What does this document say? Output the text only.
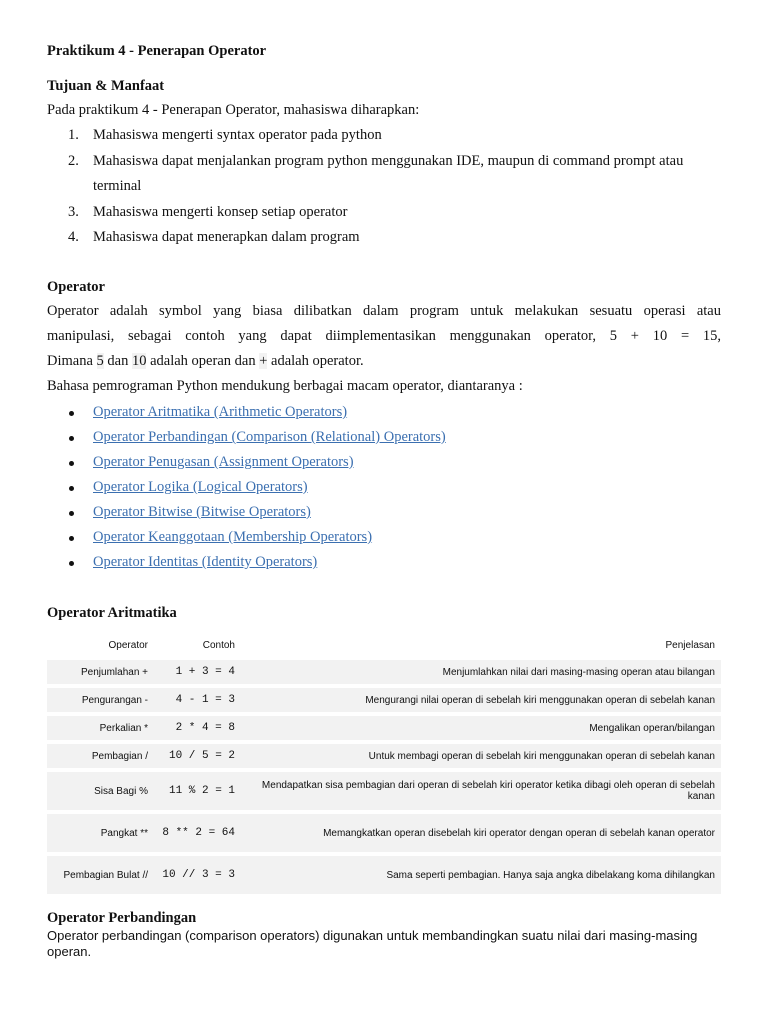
Praktikum 4 - Penerapan Operator
Tujuan & Manfaat
Pada praktikum 4 - Penerapan Operator, mahasiswa diharapkan:
1. Mahasiswa mengerti syntax operator pada python
2. Mahasiswa dapat menjalankan program python menggunakan IDE, maupun di command prompt atau
terminal
3. Mahasiswa mengerti konsep setiap operator
4. Mahasiswa dapat menerapkan dalam program
Operator
Operator adalah symbol yang biasa dilibatkan dalam program untuk melakukan sesuatu operasi atau
manipulasi, sebagai contoh yang dapat diimplementasikan menggunakan operator, 5 + 10 = 15,
Dimana 5 dan 10 adalah operan dan + adalah operator.
Bahasa pemrograman Python mendukung berbagai macam operator, diantaranya :
Operator Aritmatika (Arithmetic Operators)
Operator Perbandingan (Comparison (Relational) Operators)
Operator Penugasan (Assignment Operators)
Operator Logika (Logical Operators)
Operator Bitwise (Bitwise Operators)
Operator Keanggotaan (Membership Operators)
Operator Identitas (Identity Operators)
Operator Aritmatika
Operator	Contoh	Penjelasan
Penjumlahan +	1 + 3 = 4	Menjumlahkan nilai dari masing-masing operan atau bilangan
Pengurangan -	4 - 1 = 3	Mengurangi nilai operan di sebelah kiri menggunakan operan di sebelah kanan
Perkalian *	2 * 4 = 8	Mengalikan operan/bilangan
Pembagian /	10 / 5 = 2	Untuk membagi operan di sebelah kiri menggunakan operan di sebelah kanan
Sisa Bagi %	11 % 2 = 1	Mendapatkan sisa pembagian dari operan di sebelah kiri operator ketika dibagi oleh operan di sebelah kanan
Pangkat **	8 ** 2 = 64	Memangkatkan operan disebelah kiri operator dengan operan di sebelah kanan operator
Pembagian Bulat //	10 // 3 = 3	Sama seperti pembagian. Hanya saja angka dibelakang koma dihilangkan
Operator Perbandingan
Operator perbandingan (comparison operators) digunakan untuk membandingkan suatu nilai dari masing-masing operan.
